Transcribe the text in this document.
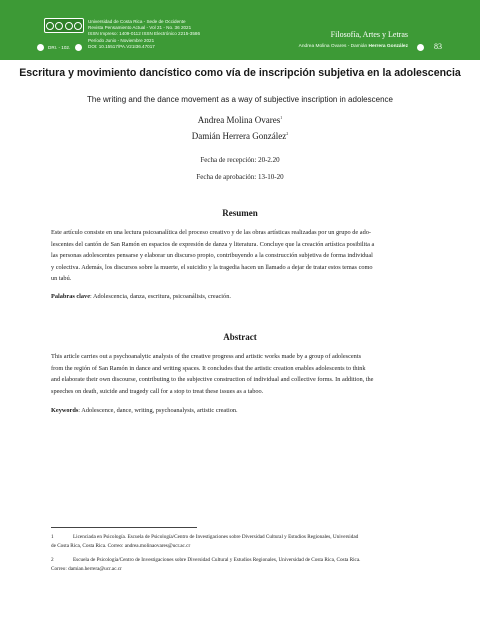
Universidad de Costa Rica - Sede de Occidente
Revista Pensamiento Actual - Vol 21 - No. 36 2021
ISSN Impreso: 1409-0112 ISSN Electrónico 2215-3586
Período Junio - Noviembre 2021
DOI: 10.15517/PA.V21I36.47017
DRI. - 102.
Filosofía, Artes y Letras
Andrea Molina Ovares - Damián Herrera González	83
Escritura y movimiento dancístico como vía de inscripción subjetiva en la adolescencia
The writing and the dance movement as a way of subjective inscription in adolescence
Andrea Molina Ovares$^1$
Damián Herrera González$^2$
Fecha de recepción: 20-2.20
Fecha de aprobación: 13-10-20
Resumen
Este artículo consiste en una lectura psicoanalítica del proceso creativo y de las obras artísticas realizadas por un grupo de ado-
lescentes del cantón de San Ramón en espacios de expresión de danza y literatura. Concluye que la creación artística posibilita a
las personas adolescentes pensarse y elaborar un discurso propio, contribuyendo a la construcción subjetiva de forma individual
y colectiva. Además, los discursos sobre la muerte, el suicidio y la tragedia hacen un llamado a dejar de tratar estos temas como
un tabú.
Palabras clave: Adolescencia, danza, escritura, psicoanálisis, creación.
Abstract
This article carries out a psychoanalytic analysis of the creative progress and artistic works made by a group of adolescents
from the región of San Ramón in dance and writing spaces. It concludes that the artistic creation enables adolescents to think
and elaborate their own discourse, contributing to the subjective construction of individual and collective forms. In addition, the
speeches on death, suicide and tragedy call for a stop to treat these issues as a taboo.
Keywords: Adolescence, dance, writing, psychoanalysis, artistic creation.
1	Licenciada en Psicología. Escuela de Psicología/Centro de Investigaciones sobre Diversidad Cultural y Estudios Regionales, Universidad
de Costa Rica, Costa Rica. Correo: andrea.molinaovares@ucr.ac.cr
2	Escuela de Psicología/Centro de Investigaciones sobre Diversidad Cultural y Estudios Regionales, Universidad de Costa Rica, Costa Rica.
Correo: damian.herrera@ucr.ac.cr
